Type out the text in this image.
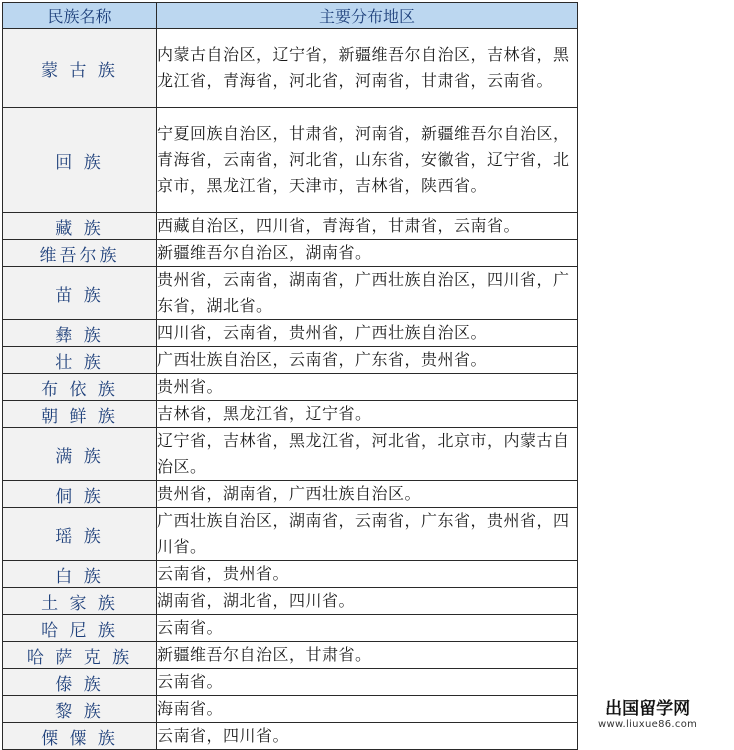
民族名称	主要分布地区
蒙 古 族	内蒙古自治区，辽宁省，新疆维吾尔自治区，吉林省，黑龙江省，青海省，河北省，河南省，甘肃省，云南省。
回 族	宁夏回族自治区，甘肃省，河南省，新疆维吾尔自治区，青海省，云南省，河北省，山东省，安徽省，辽宁省，北京市，黑龙江省，天津市，吉林省，陕西省。
藏 族	西藏自治区，四川省，青海省，甘肃省，云南省。
维吾尔族	新疆维吾尔自治区，湖南省。
苗 族	贵州省，云南省，湖南省，广西壮族自治区，四川省，广东省，湖北省。
彝 族	四川省，云南省，贵州省，广西壮族自治区。
壮 族	广西壮族自治区，云南省，广东省，贵州省。
布 依 族	贵州省。
朝 鲜 族	吉林省，黑龙江省，辽宁省。
满 族	辽宁省，吉林省，黑龙江省，河北省，北京市，内蒙古自治区。
侗 族	贵州省，湖南省，广西壮族自治区。
瑶 族	广西壮族自治区，湖南省，云南省，广东省，贵州省，四川省。
白 族	云南省，贵州省。
土 家 族	湖南省，湖北省，四川省。
哈 尼 族	云南省。
哈 萨 克 族	新疆维吾尔自治区，甘肃省。
傣 族	云南省。
黎 族	海南省。
傈 僳 族	云南省，四川省。
出国留学网
www.liuxue86.com
